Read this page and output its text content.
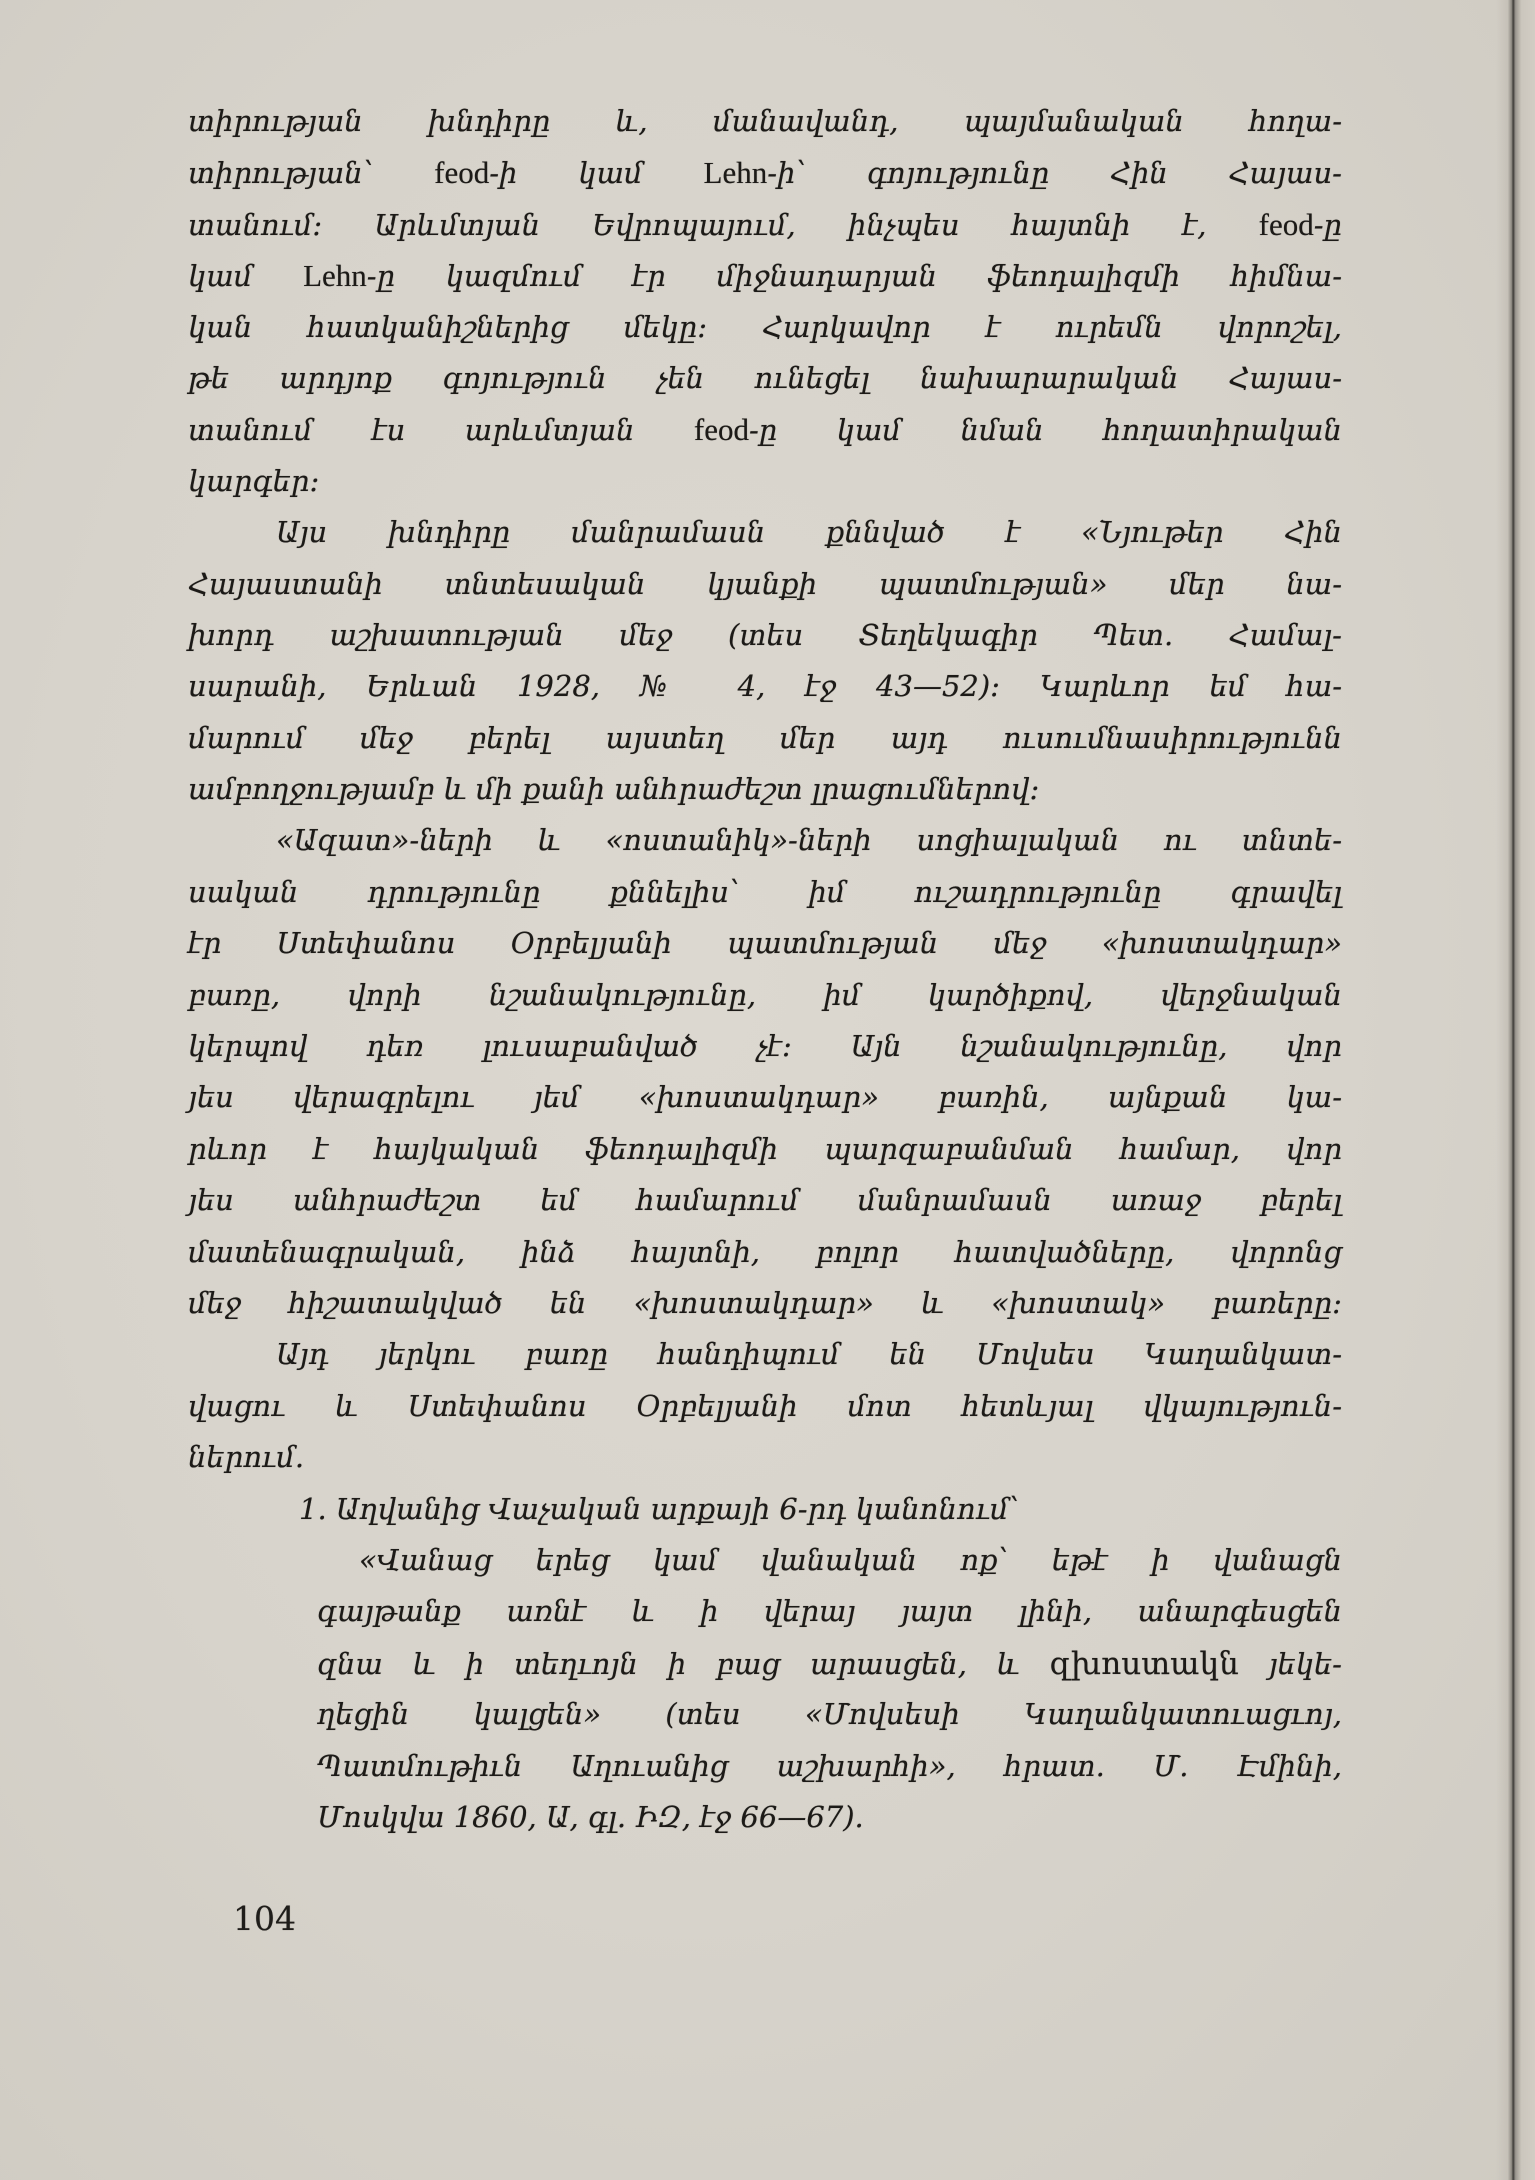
տիրության խնդիրը և, մանավանդ, պայմանական հողա-
տիրության՝ feod-ի կամ Lehn-ի՝ գոյությունը Հին Հայաս-
տանում։ Արևմտյան Եվրոպայում, ինչպես հայտնի է, feod-ը
կամ Lehn-ը կազմում էր միջնադարյան ֆեոդալիզմի հիմնա-
կան հատկանիշներից մեկը։ Հարկավոր է ուրեմն վորոշել,
թե արդյոք գոյություն չեն ունեցել նախարարական Հայաս-
տանում էս արևմտյան feod-ը կամ նման հողատիրական
կարգեր։
Այս խնդիրը մանրամասն քննված է «Նյութեր Հին
Հայաստանի տնտեսական կյանքի պատմության» մեր նա-
խորդ աշխատության մեջ (տես Տեղեկագիր Պետ. Համալ-
սարանի, Երևան 1928, № 4, էջ 43—52)։ Կարևոր եմ հա-
մարում մեջ բերել այստեղ մեր այդ ուսումնասիրությունն
ամբողջությամբ և մի քանի անհրաժեշտ լրացումներով։
«Ազատ»-ների և «ոստանիկ»-ների սոցիալական ու տնտե-
սական դրությունը քննելիս՝ իմ ուշադրությունը գրավել
էր Ստեփանոս Օրբելյանի պատմության մեջ «խոստակդար»
բառը, վորի նշանակությունը, իմ կարծիքով, վերջնական
կերպով դեռ լուսաբանված չէ։ Այն նշանակությունը, վոր
յես վերագրելու յեմ «խոստակդար» բառին, այնքան կա-
րևոր է հայկական ֆեոդալիզմի պարզաբանման համար, վոր
յես անհրաժեշտ եմ համարում մանրամասն առաջ բերել
մատենագրական, ինձ հայտնի, բոլոր հատվածները, վորոնց
մեջ հիշատակված են «խոստակդար» և «խոստակ» բառերը։
Այդ յերկու բառը հանդիպում են Մովսես Կաղանկատ-
վացու և Ստեփանոս Օրբելյանի մոտ հետևյալ վկայություն-
ներում.
1. Աղվանից Վաչական արքայի 6-րդ կանոնում՝
«Վանաց երեց կամ վանական ոք՝ եթէ ի վանացն
գայթանք առնէ և ի վերայ յայտ լինի, անարգեսցեն
զնա և ի տեղւոյն ի բաց արասցեն, և զխոստակն յեկե-
ղեցին կալցեն» (տես «Մովսեսի Կաղանկատուացւոյ,
Պատմութիւն Աղուանից աշխարհի», հրատ. Մ. Էմինի,
Մոսկվա 1860, Ա, գլ. ԻԶ, էջ 66—67).
104
